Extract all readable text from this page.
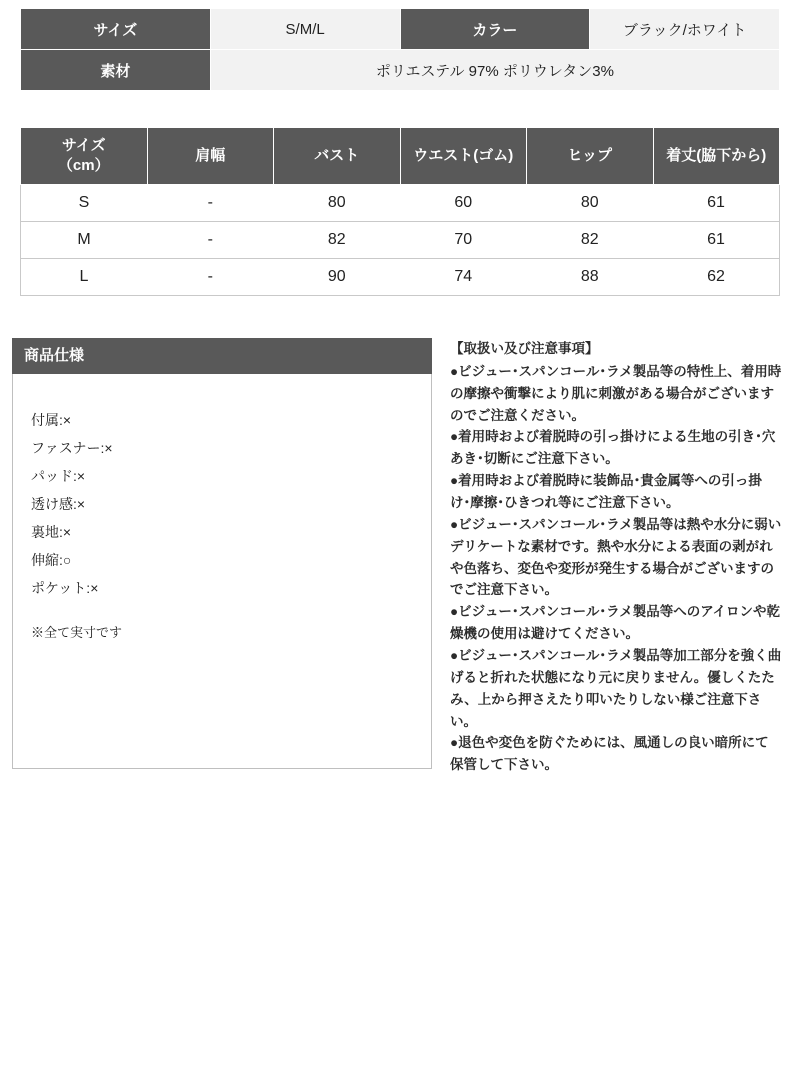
サイズ	S/M/L	カラー	ブラック/ホワイト
素材	ポリエステル 97% ポリウレタン3%		
サイズ
（cm）	肩幅	バスト	ウエスト(ゴム)	ヒップ	着丈(脇下から)
S	-	80	60	80	61
M	-	82	70	82	61
L	-	90	74	88	62
商品仕様
付属:×
ファスナー:×
パッド:×
透け感:×
裏地:×
伸縮:○
ポケット:×
※全て実寸です

【取扱い及び注意事項】

●ビジュー･スパンコール･ラメ製品等の特性上、着用時の摩擦や衝撃により肌に刺激がある場合がございますのでご注意ください。

●着用時および着脱時の引っ掛けによる生地の引き･穴あき･切断にご注意下さい。

●着用時および着脱時に装飾品･貴金属等への引っ掛け･摩擦･ひきつれ等にご注意下さい。

●ビジュー･スパンコール･ラメ製品等は熱や水分に弱いデリケートな素材です。熱や水分による表面の剥がれや色落ち、変色や変形が発生する場合がございますのでご注意下さい。

●ビジュー･スパンコール･ラメ製品等へのアイロンや乾燥機の使用は避けてください。

●ビジュー･スパンコール･ラメ製品等加工部分を強く曲げると折れた状態になり元に戻りません。優しくたたみ、上から押さえたり叩いたりしない様ご注意下さい。

●退色や変色を防ぐためには、風通しの良い暗所にて保管して下さい。
